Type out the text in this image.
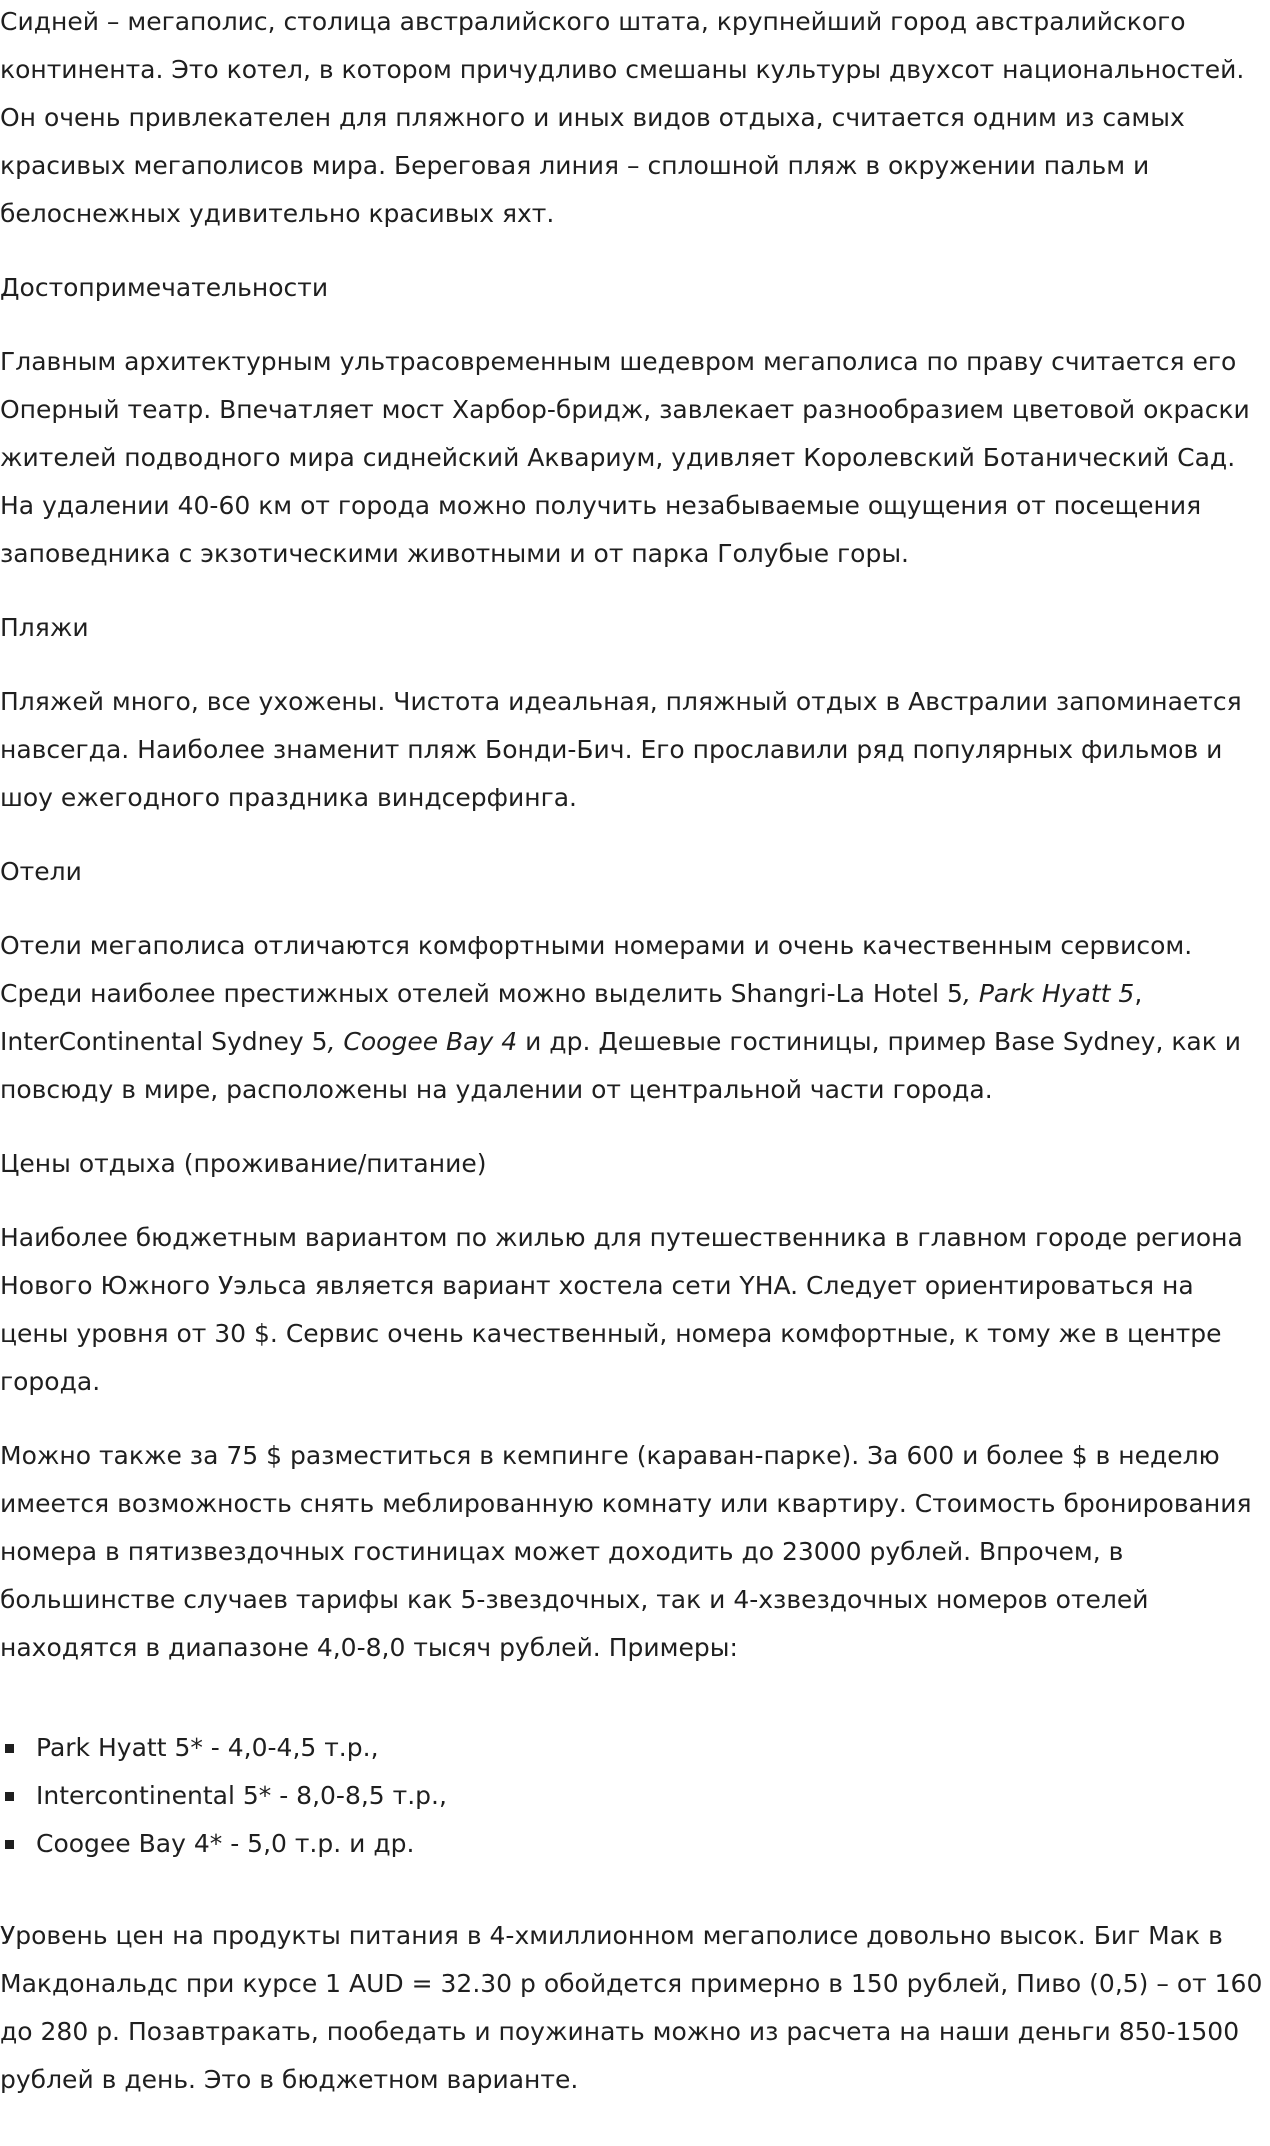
Сидней – мегаполис, столица австралийского штата, крупнейший город австралийского континента. Это котел, в котором причудливо смешаны культуры двухсот национальностей. Он очень привлекателен для пляжного и иных видов отдыха, считается одним из самых красивых мегаполисов мира. Береговая линия – сплошной пляж в окружении пальм и белоснежных удивительно красивых яхт.

Достопримечательности

Главным архитектурным ультрасовременным шедевром мегаполиса по праву считается его Оперный театр. Впечатляет мост Харбор-бридж, завлекает разнообразием цветовой окраски жителей подводного мира сиднейский Аквариум, удивляет Королевский Ботанический Сад. На удалении 40-60 км от города можно получить незабываемые ощущения от посещения заповедника с экзотическими животными и от парка Голубые горы.

Пляжи

Пляжей много, все ухожены. Чистота идеальная, пляжный отдых в Австралии запоминается навсегда. Наиболее знаменит пляж Бонди-Бич. Его прославили ряд популярных фильмов и шоу ежегодного праздника виндсерфинга.

Отели

Отели мегаполиса отличаются комфортными номерами и очень качественным сервисом. Среди наиболее престижных отелей можно выделить Shangri-La Hotel 5, Park Hyatt 5, InterContinental Sydney 5, Coogee Bay 4 и др. Дешевые гостиницы, пример Base Sydney, как и повсюду в мире, расположены на удалении от центральной части города.

Цены отдыха (проживание/питание)

Наиболее бюджетным вариантом по жилью для путешественника в главном городе региона Нового Южного Уэльса является вариант хостела сети YHA. Следует ориентироваться на цены уровня от 30 $. Сервис очень качественный, номера комфортные, к тому же в центре города.

Можно также за 75 $ разместиться в кемпинге (караван-парке). За 600 и более $ в неделю имеется возможность снять меблированную комнату или квартиру. Стоимость бронирования номера в пятизвездочных гостиницах может доходить до 23000 рублей. Впрочем, в большинстве случаев тарифы как 5-звездочных, так и 4-хзвездочных номеров отелей находятся в диапазоне 4,0-8,0 тысяч рублей. Примеры:

Park Hyatt 5* - 4,0-4,5 т.р.,
Intercontinental 5* - 8,0-8,5 т.р.,
Coogee Bay 4* - 5,0 т.р. и др.

Уровень цен на продукты питания в 4-хмиллионном мегаполисе довольно высок. Биг Мак в Макдональдс при курсе 1 AUD = 32.30 р обойдется примерно в 150 рублей, Пиво (0,5) – от 160 до 280 р. Позавтракать, пообедать и поужинать можно из расчета на наши деньги 850-1500 рублей в день. Это в бюджетном варианте.
